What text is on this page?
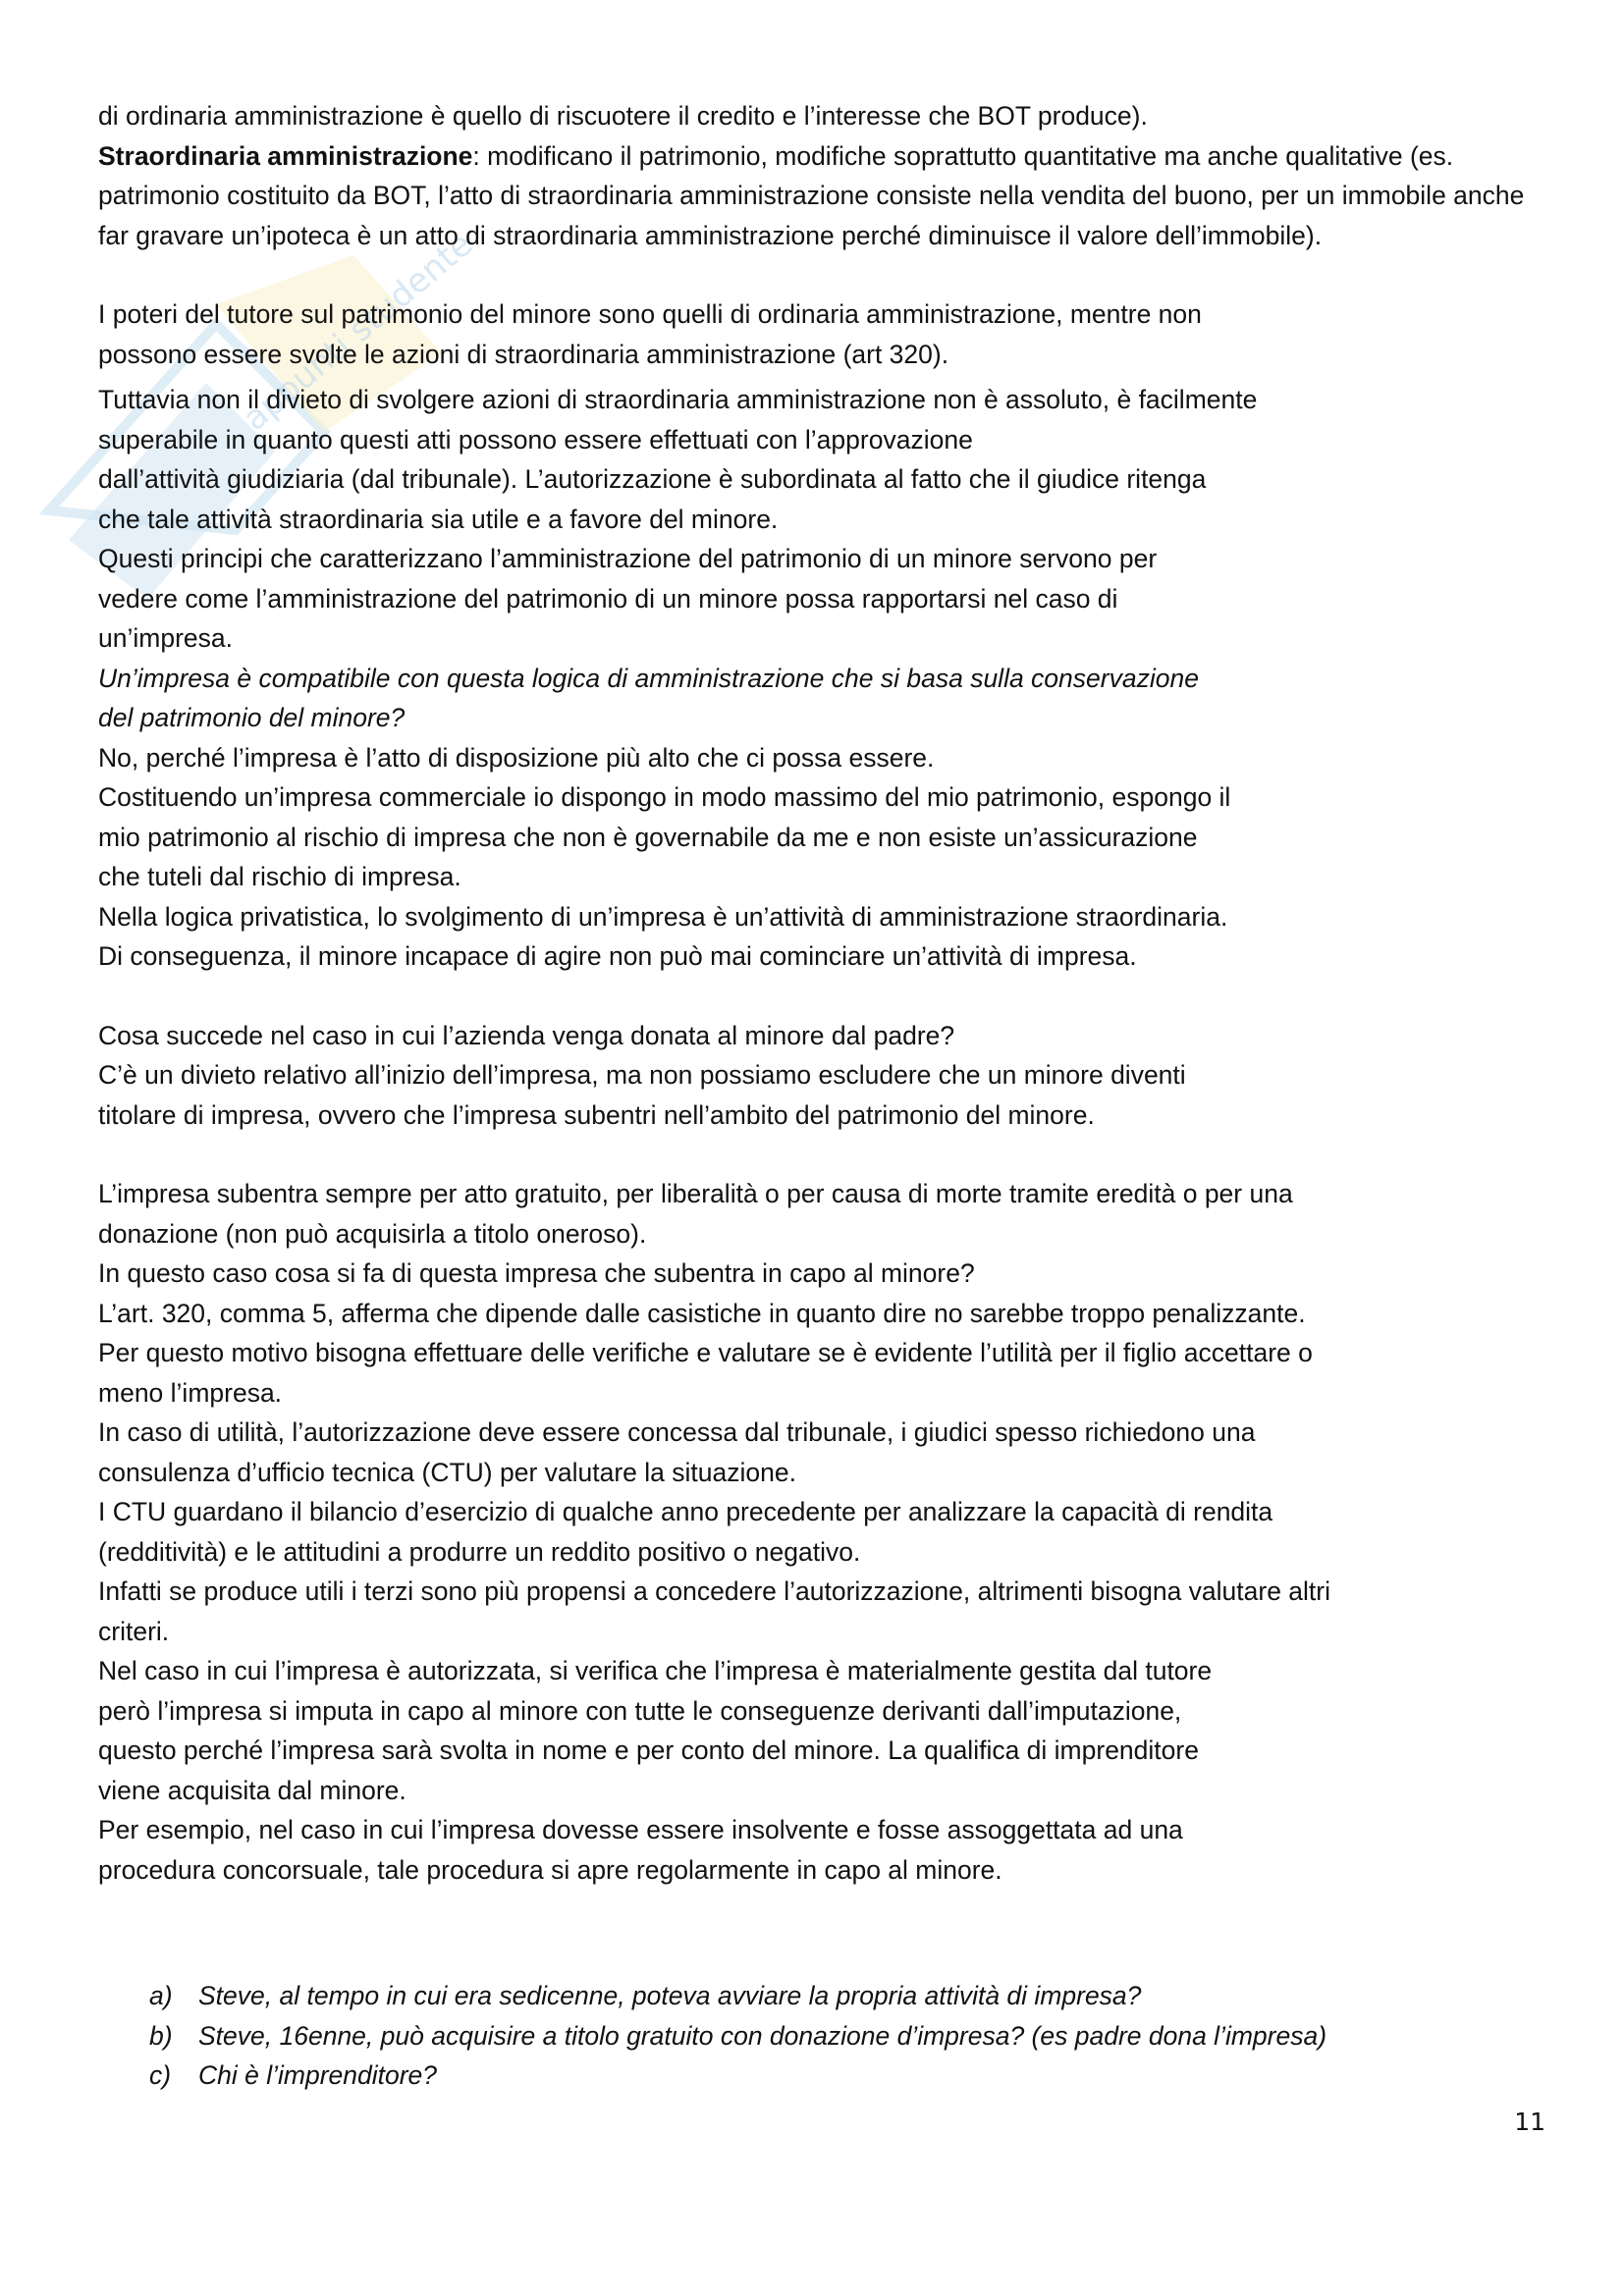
appunti studente

di ordinaria amministrazione è quello di riscuotere il credito e l’interesse che BOT produce).

Straordinaria amministrazione: modificano il patrimonio, modifiche soprattutto quantitative ma anche qualitative (es. patrimonio costituito da BOT, l’atto di straordinaria amministrazione consiste nella vendita del buono, per un immobile anche far gravare un’ipoteca è un atto di straordinaria amministrazione perché diminuisce il valore dell’immobile).

I poteri del tutore sul patrimonio del minore sono quelli di ordinaria amministrazione, mentre non

possono essere svolte le azioni di straordinaria amministrazione (art 320).

Tuttavia non il divieto di svolgere azioni di straordinaria amministrazione non è assoluto, è facilmente

superabile in quanto questi atti possono essere effettuati con l’approvazione

dall’attività giudiziaria (dal tribunale). L’autorizzazione è subordinata al fatto che il giudice ritenga

che tale attività straordinaria sia utile e a favore del minore.

Questi principi che caratterizzano l’amministrazione del patrimonio di un minore servono per

vedere come l’amministrazione del patrimonio di un minore possa rapportarsi nel caso di

un’impresa.

Un’impresa è compatibile con questa logica di amministrazione che si basa sulla conservazione

del patrimonio del minore?

No, perché l’impresa è l’atto di disposizione più alto che ci possa essere.

Costituendo un’impresa commerciale io dispongo in modo massimo del mio patrimonio, espongo il

mio patrimonio al rischio di impresa che non è governabile da me e non esiste un’assicurazione

che tuteli dal rischio di impresa.

Nella logica privatistica, lo svolgimento di un’impresa è un’attività di amministrazione straordinaria.

Di conseguenza, il minore incapace di agire non può mai cominciare un’attività di impresa.

Cosa succede nel caso in cui l’azienda venga donata al minore dal padre?

C’è un divieto relativo all’inizio dell’impresa, ma non possiamo escludere che un minore diventi

titolare di impresa, ovvero che l’impresa subentri nell’ambito del patrimonio del minore.

L’impresa subentra sempre per atto gratuito, per liberalità o per causa di morte tramite eredità o per una

donazione (non può acquisirla a titolo oneroso).

In questo caso cosa si fa di questa impresa che subentra in capo al minore?

L’art. 320, comma 5, afferma che dipende dalle casistiche in quanto dire no sarebbe troppo penalizzante.

Per questo motivo bisogna effettuare delle verifiche e valutare se è evidente l’utilità per il figlio accettare o

meno l’impresa.

In caso di utilità, l’autorizzazione deve essere concessa dal tribunale, i giudici spesso richiedono una

consulenza d’ufficio tecnica (CTU) per valutare la situazione.

I CTU guardano il bilancio d’esercizio di qualche anno precedente per analizzare la capacità di rendita

(redditività) e le attitudini a produrre un reddito positivo o negativo.

Infatti se produce utili i terzi sono più propensi a concedere l’autorizzazione, altrimenti bisogna valutare altri

criteri.

Nel caso in cui l’impresa è autorizzata, si verifica che l’impresa è materialmente gestita dal tutore

però l’impresa si imputa in capo al minore con tutte le conseguenze derivanti dall’imputazione,

questo perché l’impresa sarà svolta in nome e per conto del minore. La qualifica di imprenditore

viene acquisita dal minore.

Per esempio, nel caso in cui l’impresa dovesse essere insolvente e fosse assoggettata ad una

procedura concorsuale, tale procedura si apre regolarmente in capo al minore.

a) Steve, al tempo in cui era sedicenne, poteva avviare la propria attività di impresa?
b) Steve, 16enne, può acquisire a titolo gratuito con donazione d’impresa? (es padre dona l’impresa)
c) Chi è l’imprenditore?
11
